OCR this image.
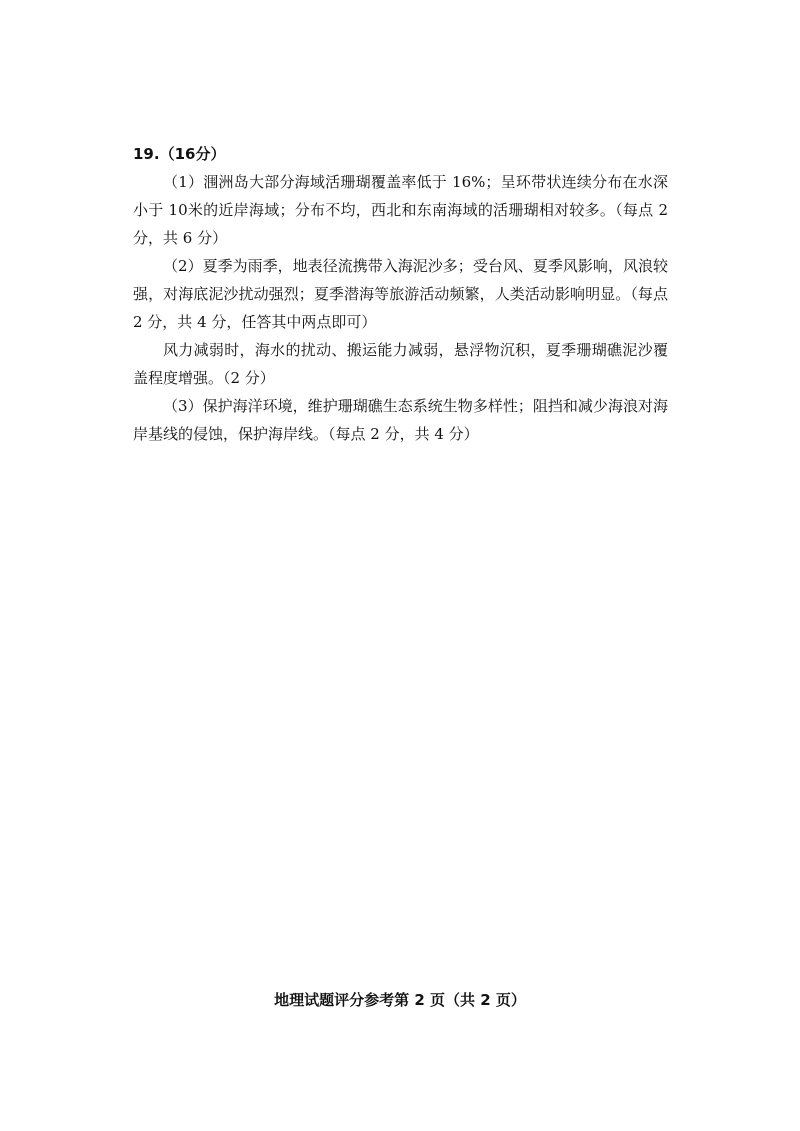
19.（16分）

（1）涠洲岛大部分海域活珊瑚覆盖率低于 16%；呈环带状连续分布在水深小于 10米的近岸海域；分布不均，西北和东南海域的活珊瑚相对较多。（每点 2 分，共 6 分）

（2）夏季为雨季，地表径流携带入海泥沙多；受台风、夏季风影响，风浪较强，对海底泥沙扰动强烈；夏季潜海等旅游活动频繁，人类活动影响明显。（每点 2 分，共 4 分，任答其中两点即可）

风力减弱时，海水的扰动、搬运能力减弱，悬浮物沉积，夏季珊瑚礁泥沙覆盖程度增强。（2 分）

（3）保护海洋环境，维护珊瑚礁生态系统生物多样性；阻挡和减少海浪对海岸基线的侵蚀，保护海岸线。（每点 2 分，共 4 分）

地理试题评分参考第 2 页（共 2 页）
